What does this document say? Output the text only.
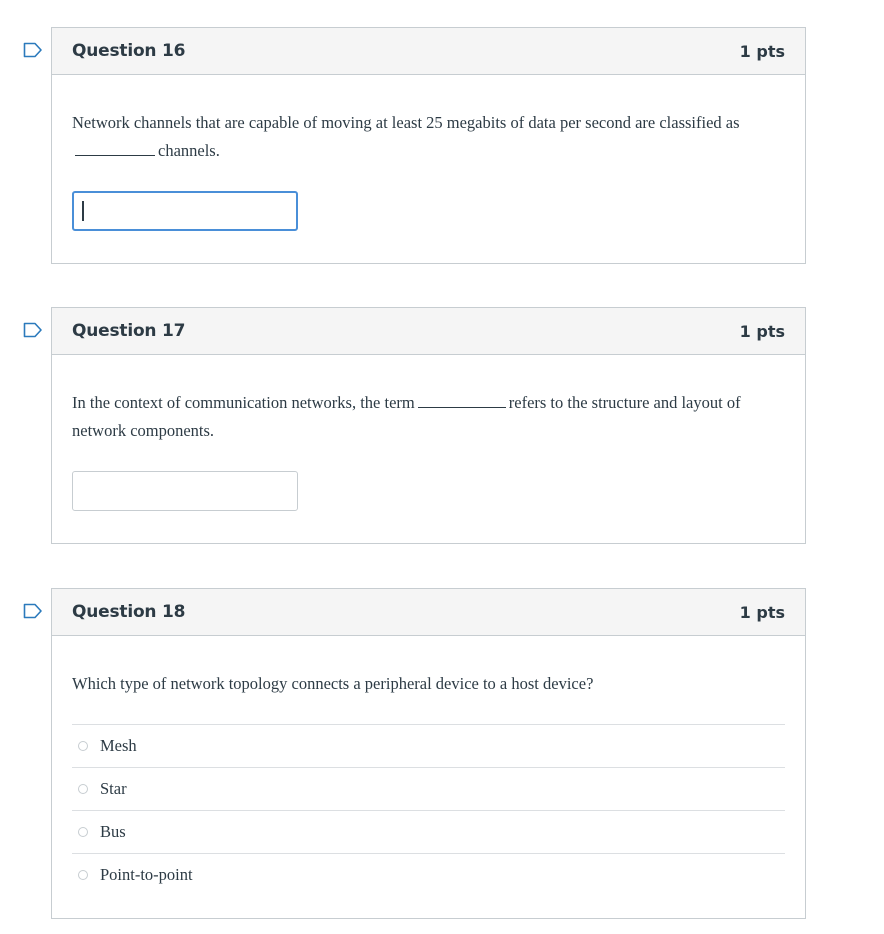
Question 16	1 pts

Network channels that are capable of moving at least 25 megabits of data per second are classified aschannels.

Question 17	1 pts

In the context of communication networks, the term	refers to the structure and layout of network components.

Question 18	1 pts

Which type of network topology connects a peripheral device to a host device?

Mesh
Star
Bus
Point-to-point
